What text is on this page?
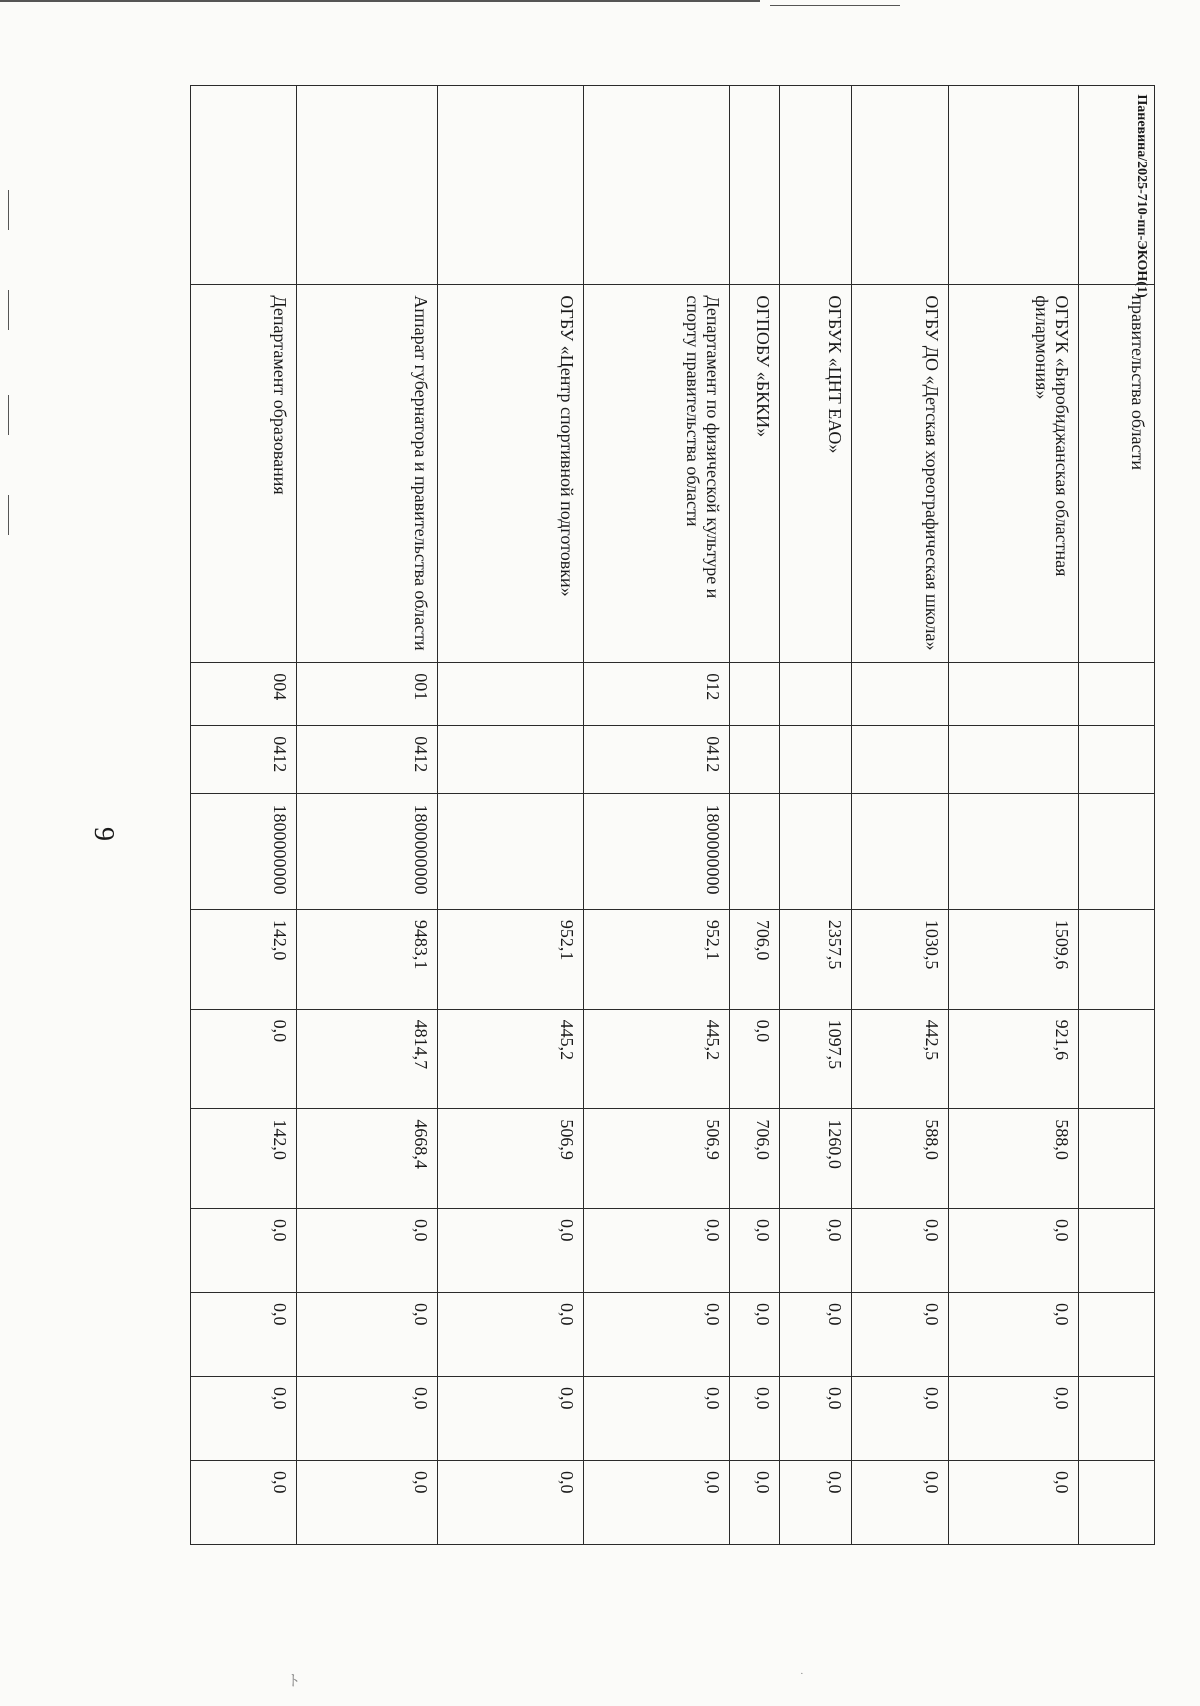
ﾄ	·
9
Паневина/2025-710-пп-ЭКОН(1)
	правительства области										
	ОГБУК «Биробиджанская областная филармония»				1509,6	921,6	588,0	0,0	0,0	0,0	0,0
	ОГБУ ДО «Детская хореографическая школа»				1030,5	442,5	588,0	0,0	0,0	0,0	0,0
	ОГБУК «ЦНТ ЕАО»				2357,5	1097,5	1260,0	0,0	0,0	0,0	0,0
	ОГПОБУ «БККИ»				706,0	0,0	706,0	0,0	0,0	0,0	0,0
	Департамент по физической культуре и спорту правительства области	012	0412	1800000000	952,1	445,2	506,9	0,0	0,0	0,0	0,0
	ОГБУ «Центр спортивной подготовки»				952,1	445,2	506,9	0,0	0,0	0,0	0,0
	Аппарат губернатора и правительства области	001	0412	1800000000	9483,1	4814,7	4668,4	0,0	0,0	0,0	0,0
	Департамент образования	004	0412	1800000000	142,0	0,0	142,0	0,0	0,0	0,0	0,0
